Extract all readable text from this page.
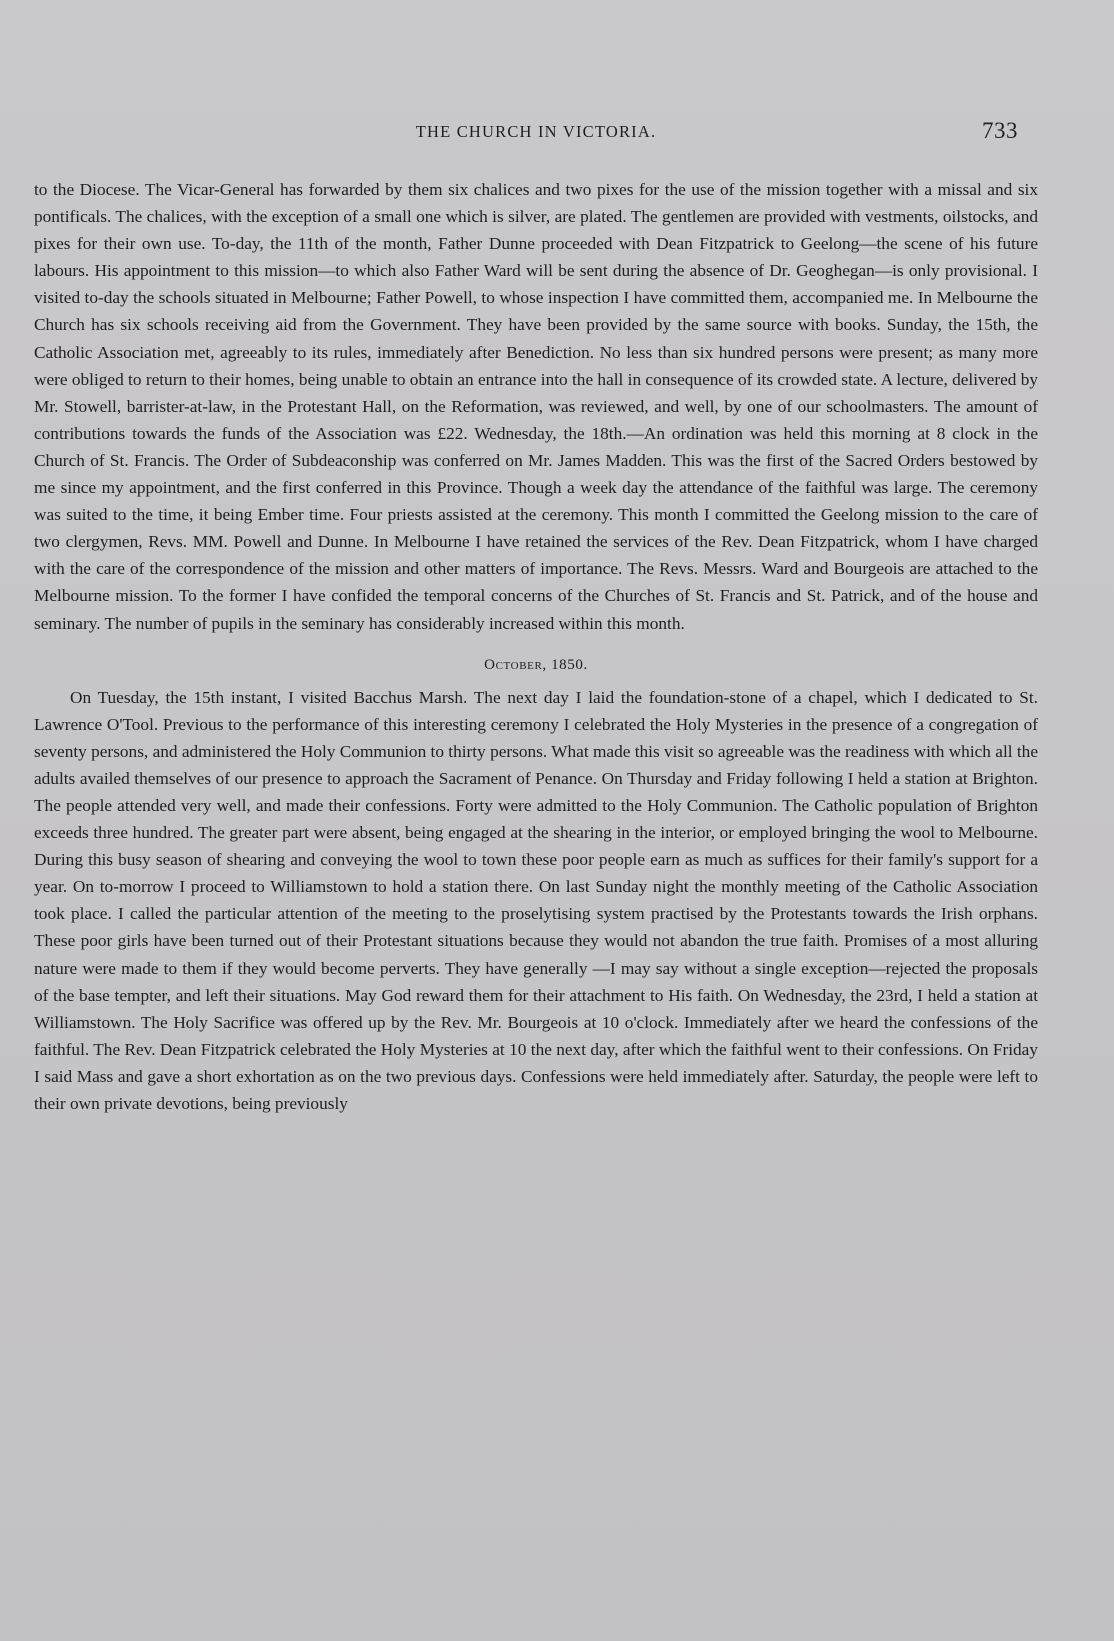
THE CHURCH IN VICTORIA.	733

to the Diocese. The Vicar-General has forwarded by them six chalices and two pixes for the use of the mission together with a missal and six pontificals. The chalices, with the exception of a small one which is silver, are plated. The gentlemen are provided with vestments, oilstocks, and pixes for their own use. To-day, the 11th of the month, Father Dunne proceeded with Dean Fitzpatrick to Geelong—the scene of his future labours. His appointment to this mission—to which also Father Ward will be sent during the absence of Dr. Geoghegan—is only provisional. I visited to-day the schools situated in Melbourne; Father Powell, to whose inspection I have committed them, accompanied me. In Melbourne the Church has six schools receiving aid from the Government. They have been provided by the same source with books. Sunday, the 15th, the Catholic Association met, agreeably to its rules, immediately after Benediction. No less than six hundred persons were present; as many more were obliged to return to their homes, being unable to obtain an entrance into the hall in consequence of its crowded state. A lecture, delivered by Mr. Stowell, barrister-at-law, in the Protestant Hall, on the Reformation, was reviewed, and well, by one of our schoolmasters. The amount of contributions towards the funds of the Association was £22. Wednesday, the 18th.—An ordination was held this morning at 8 clock in the Church of St. Francis. The Order of Subdeaconship was conferred on Mr. James Madden. This was the first of the Sacred Orders bestowed by me since my appointment, and the first conferred in this Province. Though a week day the attendance of the faithful was large. The ceremony was suited to the time, it being Ember time. Four priests assisted at the ceremony. This month I committed the Geelong mission to the care of two clergymen, Revs. MM. Powell and Dunne. In Melbourne I have retained the services of the Rev. Dean Fitzpatrick, whom I have charged with the care of the correspondence of the mission and other matters of importance. The Revs. Messrs. Ward and Bourgeois are attached to the Melbourne mission. To the former I have confided the temporal concerns of the Churches of St. Francis and St. Patrick, and of the house and seminary. The number of pupils in the seminary has considerably increased within this month.

October, 1850.

On Tuesday, the 15th instant, I visited Bacchus Marsh. The next day I laid the foundation-stone of a chapel, which I dedicated to St. Lawrence O'Tool. Previous to the performance of this interesting ceremony I celebrated the Holy Mysteries in the presence of a congregation of seventy persons, and administered the Holy Communion to thirty persons. What made this visit so agreeable was the readiness with which all the adults availed themselves of our presence to approach the Sacrament of Penance. On Thursday and Friday following I held a station at Brighton. The people attended very well, and made their confessions. Forty were admitted to the Holy Communion. The Catholic population of Brighton exceeds three hundred. The greater part were absent, being engaged at the shearing in the interior, or employed bringing the wool to Melbourne. During this busy season of shearing and conveying the wool to town these poor people earn as much as suffices for their family's support for a year. On to-morrow I proceed to Williamstown to hold a station there. On last Sunday night the monthly meeting of the Catholic Association took place. I called the particular attention of the meeting to the proselytising system practised by the Protestants towards the Irish orphans. These poor girls have been turned out of their Protestant situations because they would not abandon the true faith. Promises of a most alluring nature were made to them if they would become perverts. They have generally —I may say without a single exception—rejected the proposals of the base tempter, and left their situations. May God reward them for their attachment to His faith. On Wednesday, the 23rd, I held a station at Williamstown. The Holy Sacrifice was offered up by the Rev. Mr. Bourgeois at 10 o'clock. Immediately after we heard the confessions of the faithful. The Rev. Dean Fitzpatrick celebrated the Holy Mysteries at 10 the next day, after which the faithful went to their confessions. On Friday I said Mass and gave a short exhortation as on the two previous days. Confessions were held immediately after. Saturday, the people were left to their own private devotions, being previously
